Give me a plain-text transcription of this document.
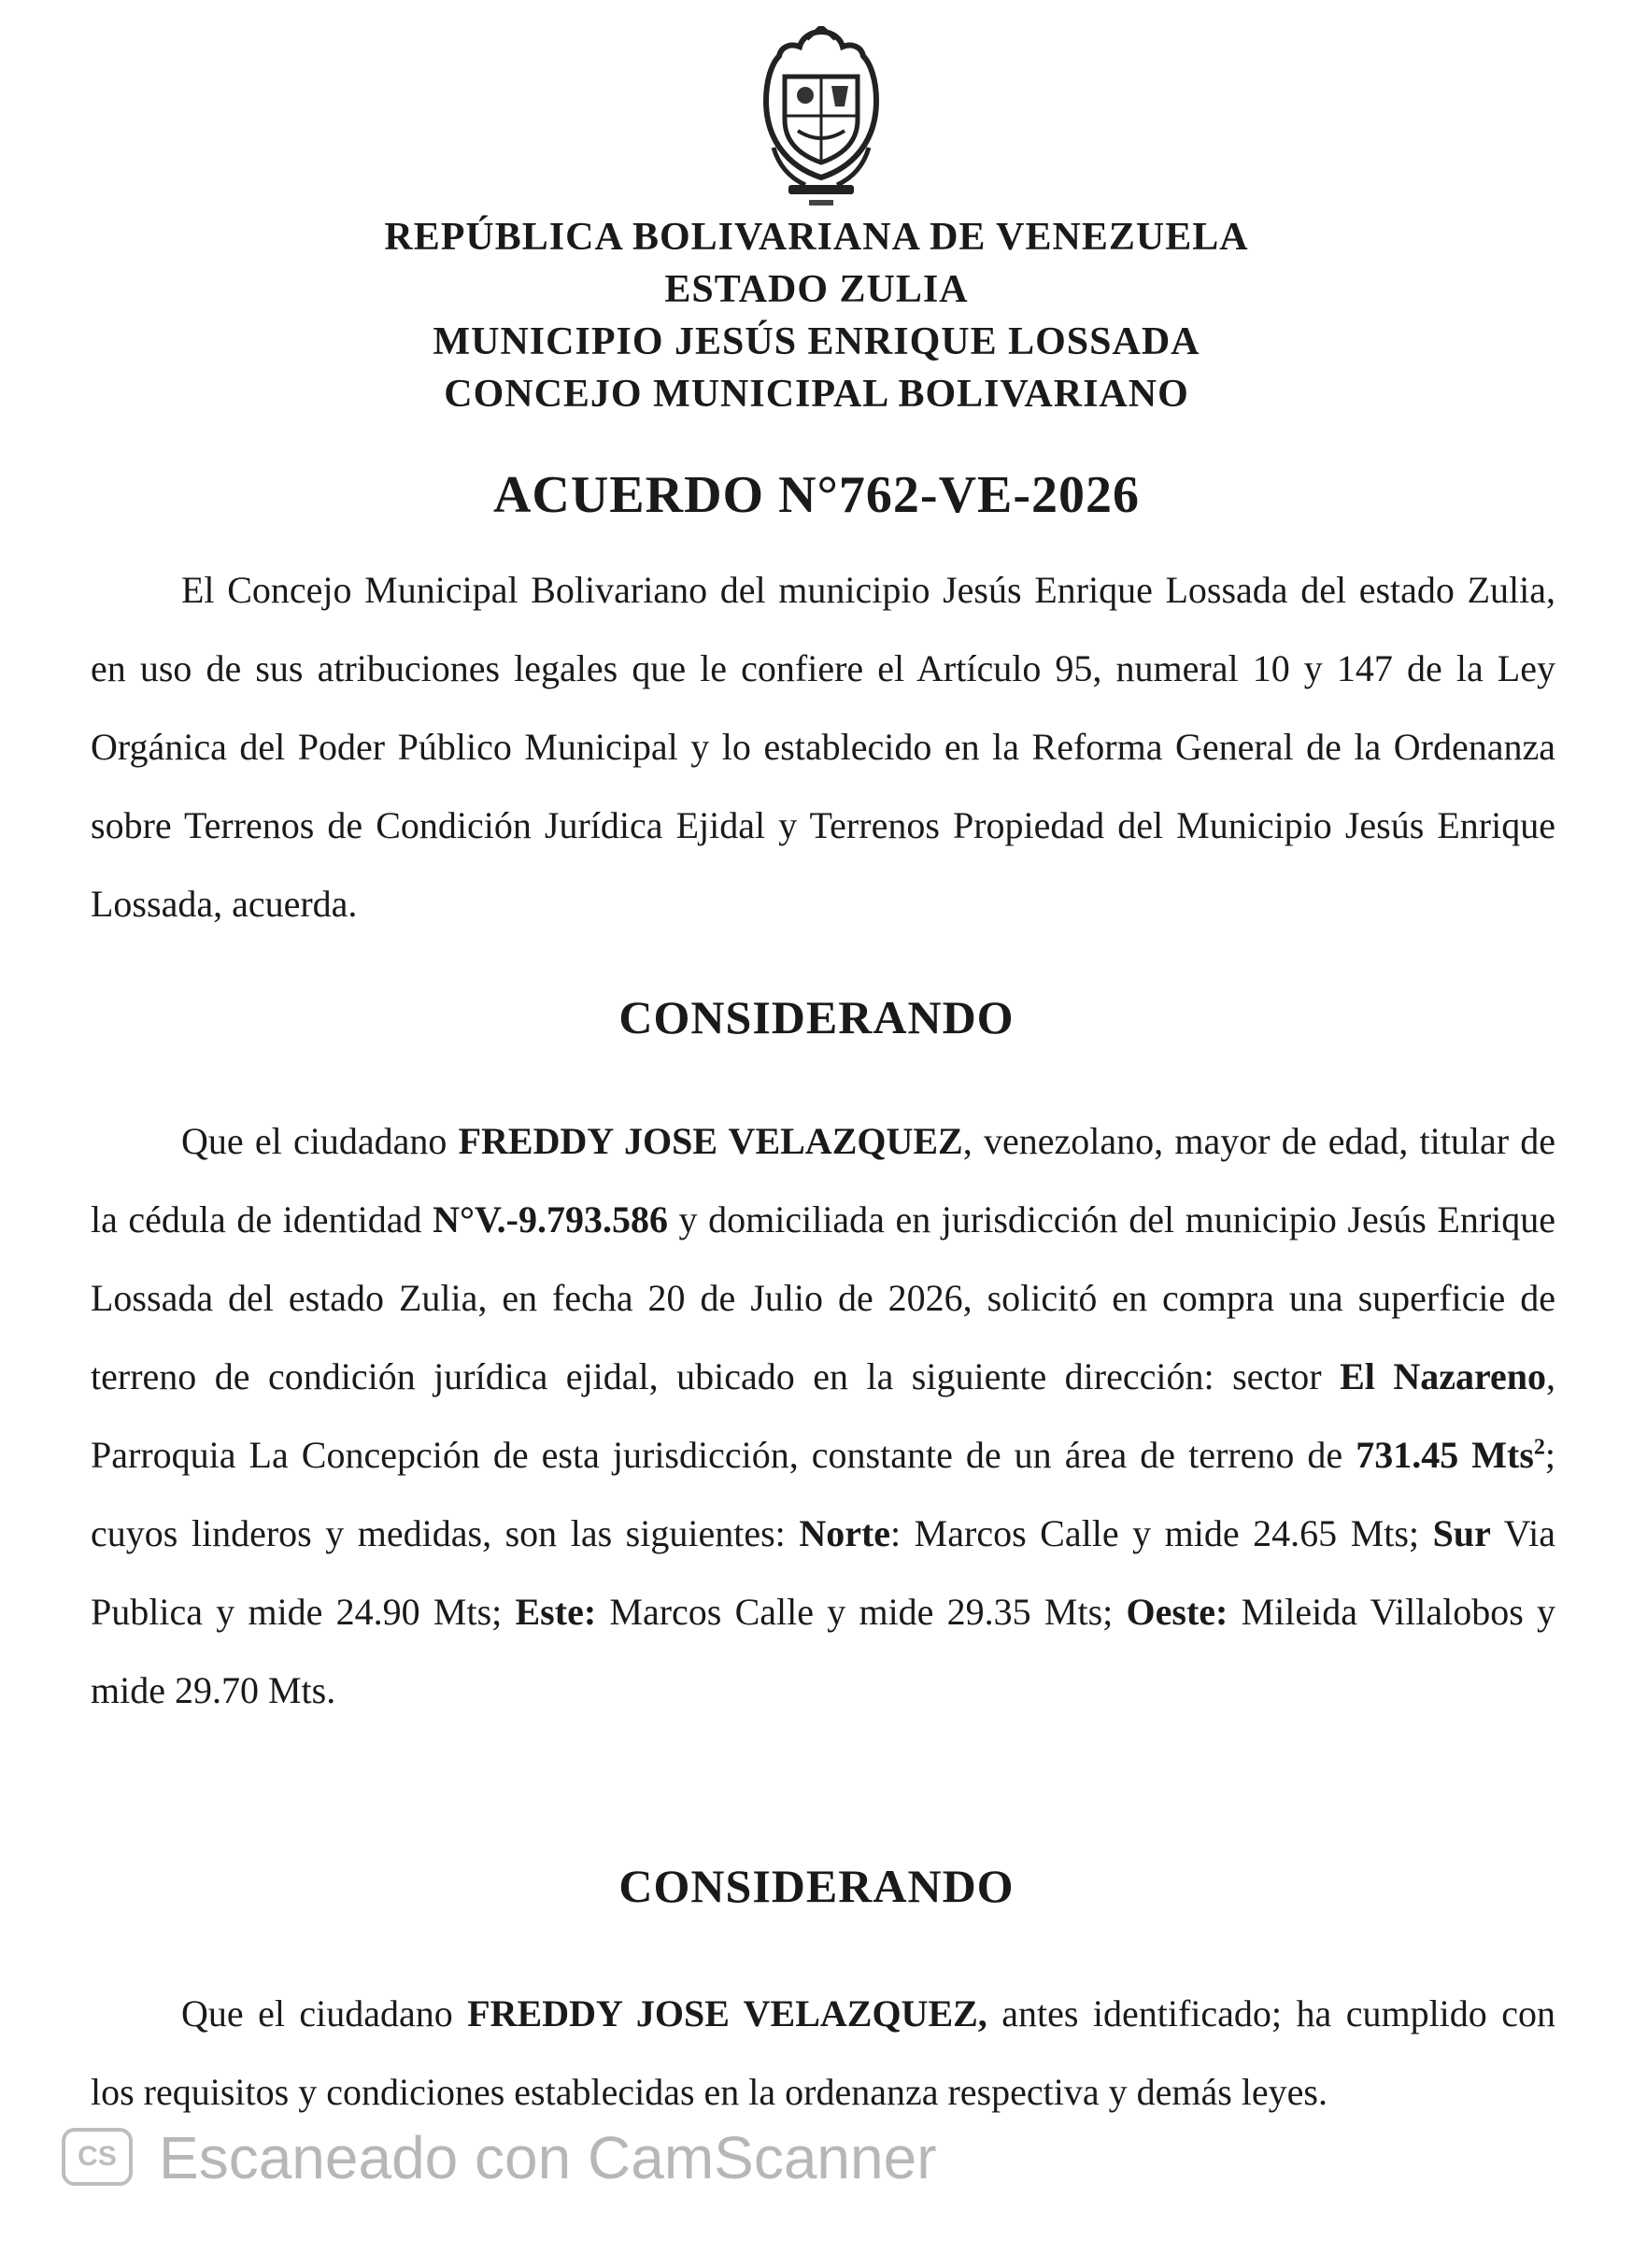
REPÚBLICA BOLIVARIANA DE VENEZUELA
ESTADO ZULIA
MUNICIPIO JESÚS ENRIQUE LOSSADA
CONCEJO MUNICIPAL BOLIVARIANO
ACUERDO N°762-VE-2026
El Concejo Municipal Bolivariano del municipio Jesús Enrique Lossada del estado Zulia, en uso de sus atribuciones legales que le confiere el Artículo 95, numeral 10 y 147 de la Ley Orgánica del Poder Público Municipal y lo establecido en la Reforma General de la Ordenanza sobre Terrenos de Condición Jurídica Ejidal y Terrenos Propiedad del Municipio Jesús Enrique Lossada, acuerda.
CONSIDERANDO
Que el ciudadano FREDDY JOSE VELAZQUEZ, venezolano, mayor de edad, titular de la cédula de identidad N°V.-9.793.586 y domiciliada en jurisdicción del municipio Jesús Enrique Lossada del estado Zulia, en fecha 20 de Julio de 2026, solicitó en compra una superficie de terreno de condición jurídica ejidal, ubicado en la siguiente dirección: sector El Nazareno, Parroquia La Concepción de esta jurisdicción, constante de un área de terreno de 731.45 Mts$^2$; cuyos linderos y medidas, son las siguientes: Norte: Marcos Calle y mide 24.65 Mts; Sur Via Publica y mide 24.90 Mts; Este: Marcos Calle y mide 29.35 Mts; Oeste: Mileida Villalobos y mide 29.70 Mts.
CONSIDERANDO
Que el ciudadano FREDDY JOSE VELAZQUEZ, antes identificado; ha cumplido con los requisitos y condiciones establecidas en la ordenanza respectiva y demás leyes.
CS Escaneado con CamScanner
